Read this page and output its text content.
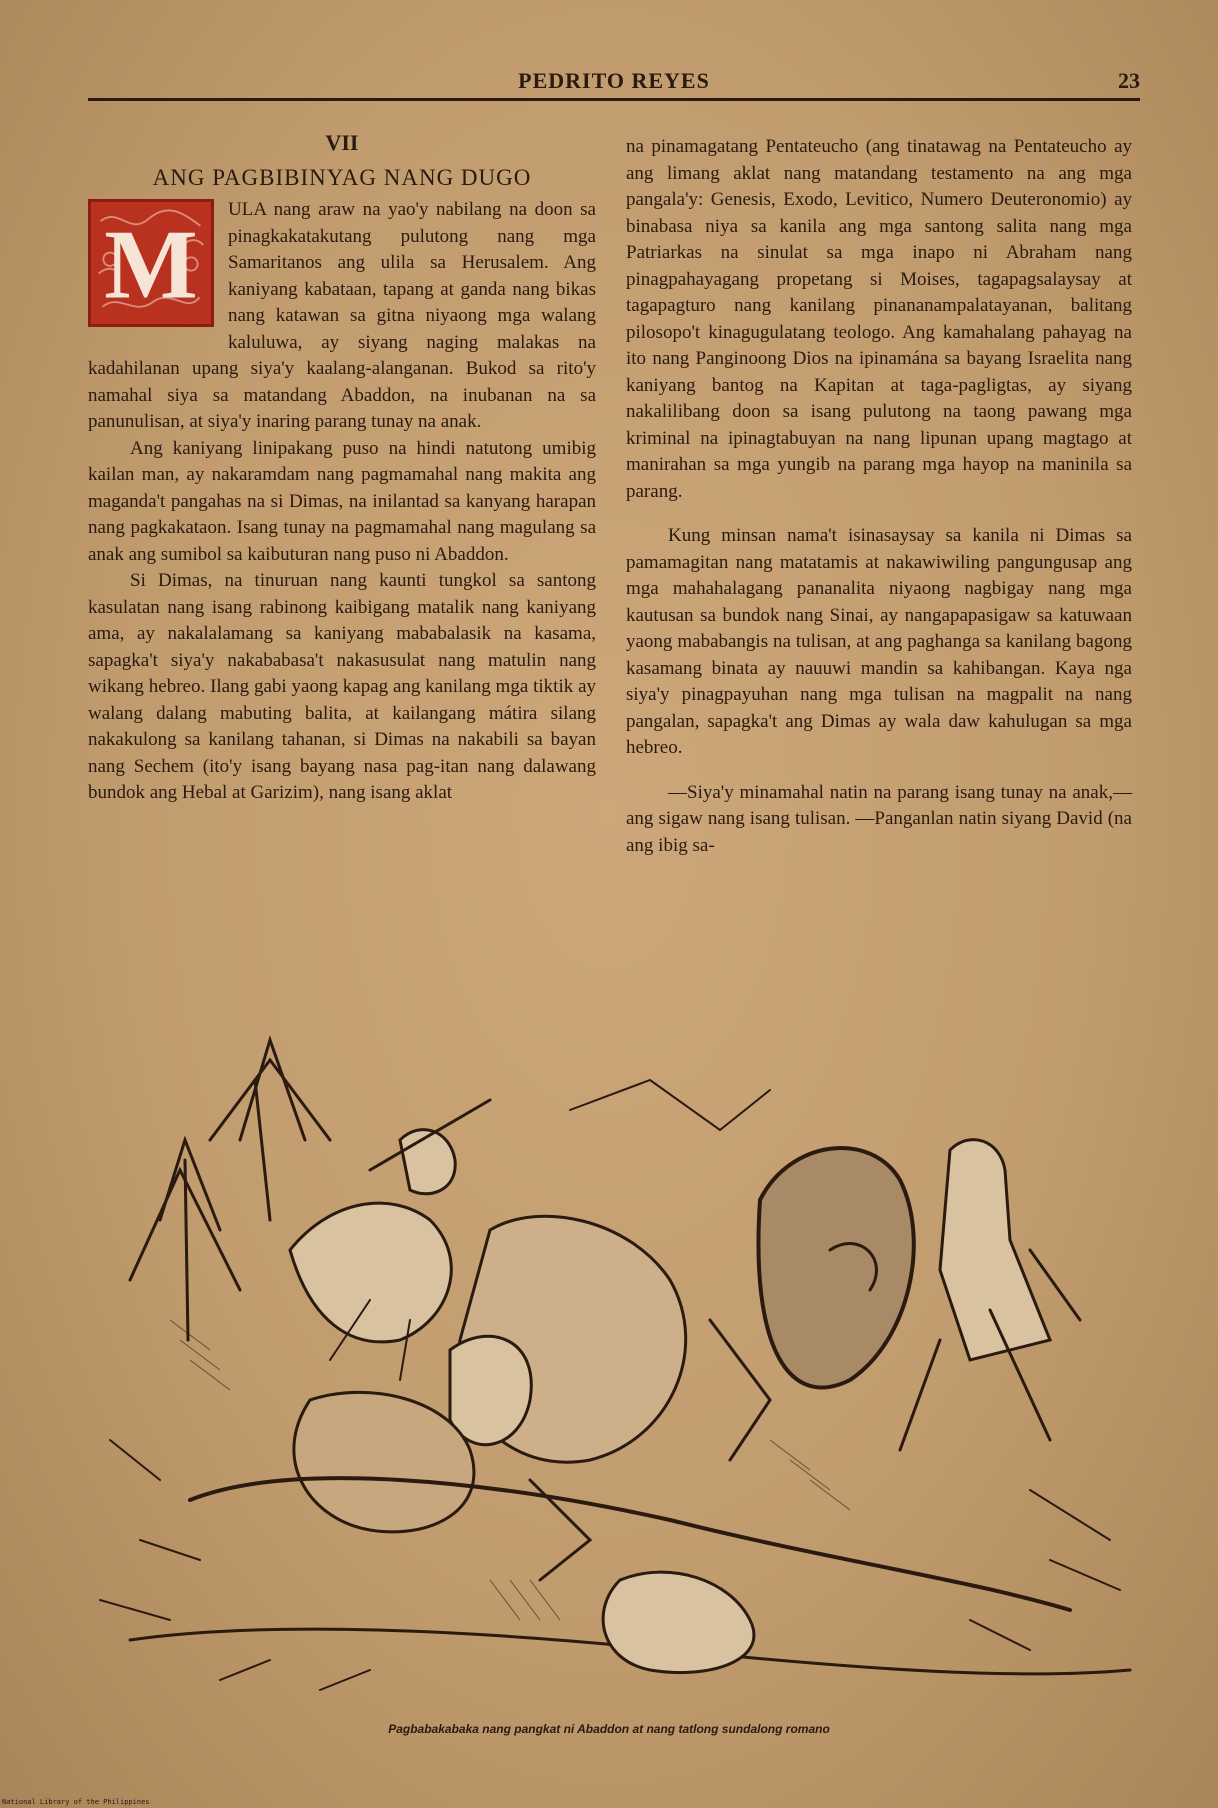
PEDRITO REYES	23
VII
ANG PAGBIBINYAG NANG DUGO
M

ULA nang araw na yao'y nabilang na doon sa pinagkakatakutang pulutong nang mga Samaritanos ang ulila sa Herusalem. Ang kaniyang kabataan, tapang at ganda nang bikas nang katawan sa gitna niyaong mga walang kaluluwa, ay siyang naging malakas na kadahilanan upang siya'y kaalang-alanganan. Bukod sa rito'y namahal siya sa matandang Abaddon, na inubanan na sa panunulisan, at siya'y inaring parang tunay na anak.

Ang kaniyang linipakang puso na hindi natutong umibig kailan man, ay nakaramdam nang pagmamahal nang makita ang maganda't pangahas na si Dimas, na inilantad sa kanyang harapan nang pagkakataon. Isang tunay na pagmamahal nang magulang sa anak ang sumibol sa kaibuturan nang puso ni Abaddon.

Si Dimas, na tinuruan nang kaunti tungkol sa santong kasulatan nang isang rabinong kaibigang matalik nang kaniyang ama, ay nakalalamang sa kaniyang mababalasik na kasama, sapagka't siya'y nakababasa't nakasusulat nang matulin nang wikang hebreo. Ilang gabi yaong kapag ang kanilang mga tiktik ay walang dalang mabuting balita, at kailangang mátira silang nakakulong sa kanilang tahanan, si Dimas na nakabili sa bayan nang Sechem (ito'y isang bayang nasa pag-itan nang dalawang bundok ang Hebal at Garizim), nang isang aklat

na pinamagatang Pentateucho (ang tinatawag na Pentateucho ay ang limang aklat nang matandang testamento na ang mga pangala'y: Genesis, Exodo, Levitico, Numero Deuteronomio) ay binabasa niya sa kanila ang mga santong salita nang mga Patriarkas na sinulat sa mga inapo ni Abraham nang pinagpahayagang propetang si Moises, tagapagsalaysay at tagapagturo nang kanilang pinananampalatayanan, balitang pilosopo't kinagugulatang teologo. Ang kamahalang pahayag na ito nang Panginoong Dios na ipinamána sa bayang Israelita nang kaniyang bantog na Kapitan at taga-pagligtas, ay siyang nakalilibang doon sa isang pulutong na taong pawang mga kriminal na ipinagtabuyan na nang lipunan upang magtago at manirahan sa mga yungib na parang mga hayop na maninila sa parang.

Kung minsan nama't isinasaysay sa kanila ni Dimas sa pamamagitan nang matatamis at nakawiwiling pangungusap ang mga mahahalagang pananalita niyaong nagbigay nang mga kautusan sa bundok nang Sinai, ay nangapapasigaw sa katuwaan yaong mababangis na tulisan, at ang paghanga sa kanilang bagong kasamang binata ay nauuwi mandin sa kahibangan. Kaya nga siya'y pinagpayuhan nang mga tulisan na magpalit na nang pangalan, sapagka't ang Dimas ay wala daw kahulugan sa mga hebreo.

—Siya'y minamahal natin na parang isang tunay na anak,—ang sigaw nang isang tulisan. —Panganlan natin siyang David (na ang ibig sa-

Pagbabakabaka nang pangkat ni Abaddon at nang tatlong sundalong romano
National Library of the Philippines
